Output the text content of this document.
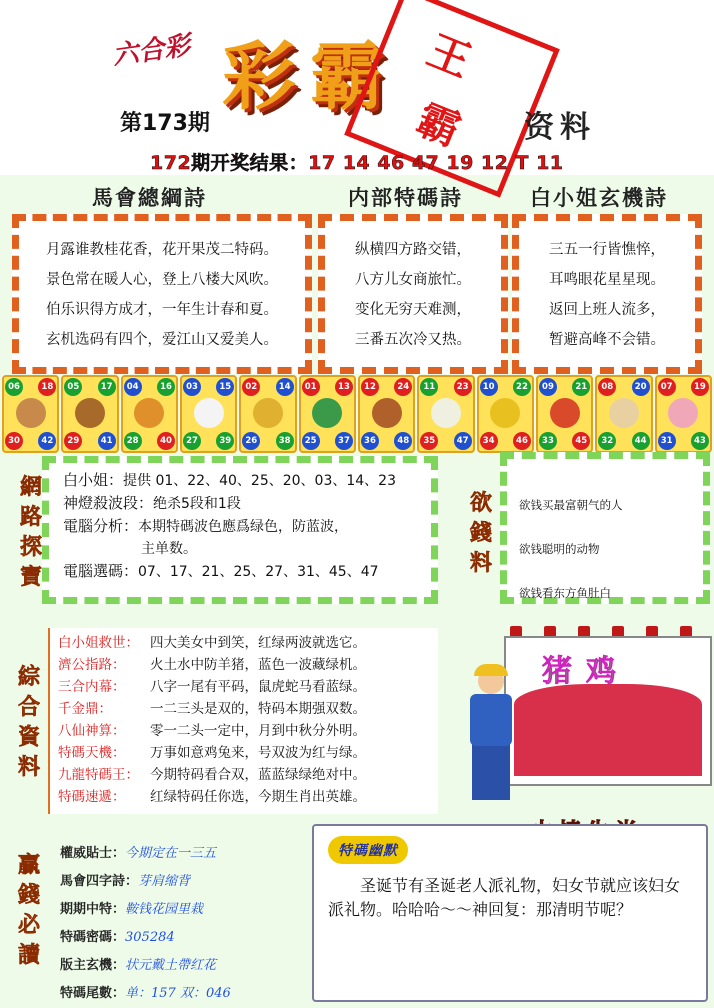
六合彩 彩霸 王
霸
第173期	资料
172期开奖结果：17 14 46 47 19 12 T 11
馬會總綱詩	内部特碼詩	白小姐玄機詩

月露谁教桂花香，花开果茂二特码。

景色常在暖人心，登上八楼大风吹。

伯乐识得方成才，一年生计春和夏。

玄机选码有四个，爱江山又爱美人。

纵横四方路交错，

八方儿女商旅忙。

变化无穷天难测，

三番五次冷又热。

三五一行皆憔悴，

耳鸣眼花星星现。

返回上班人流多，

暂避高峰不会错。

06	18
30	42
05	17
29	41
04	16
28	40
03	15
27	39
02	14
26	38
01	13
25	37
12	24
36	48
11	23
35	47
10	22
34	46
09	21
33	45
08	20
32	44
07	19
31	43
網路探寶
白小姐：提供 01、22、40、25、20、03、14、23
神燈殺波段：绝杀5段和1段
電腦分析：本期特碼波色應爲绿色，防蓝波，
主单数。
電腦選碼：07、17、21、25、27、31、45、47
欲錢料

欲钱买最富朝气的人

欲钱聪明的动物

欲钱看东方鱼肚白

綜合資料
白小姐救世： 四大美女中到笑，红绿两波就选它。
濟公指路：	火土水中防羊猪，蓝色一波藏绿机。
三合内幕：	八字一尾有平码，鼠虎蛇马看蓝绿。
千金鼎：	一二三头是双的，特码本期强双数。
八仙神算：	零一二头一定中，月到中秋分外明。
特碼天機：	万事如意鸡兔来，号双波为红与绿。
九龍特碼王： 今期特码看合双，蓝蓝绿绿绝对中。
特碼速遞：	红绿特码任你选，今期生肖出英雄。
猪鸡
贏錢必讀
權威貼士：今期定在一三五
馬會四字詩：芽肩缩背
期期中特：鞍钱花园里栽
特碼密碼：305284
版主玄機：状元戴土帶红花
特碼尾數：单：157 双：046
特碼幽默

圣诞节有圣诞老人派礼物，妇女节就应该妇女派礼物。哈哈哈～～神回复：那清明节呢？
